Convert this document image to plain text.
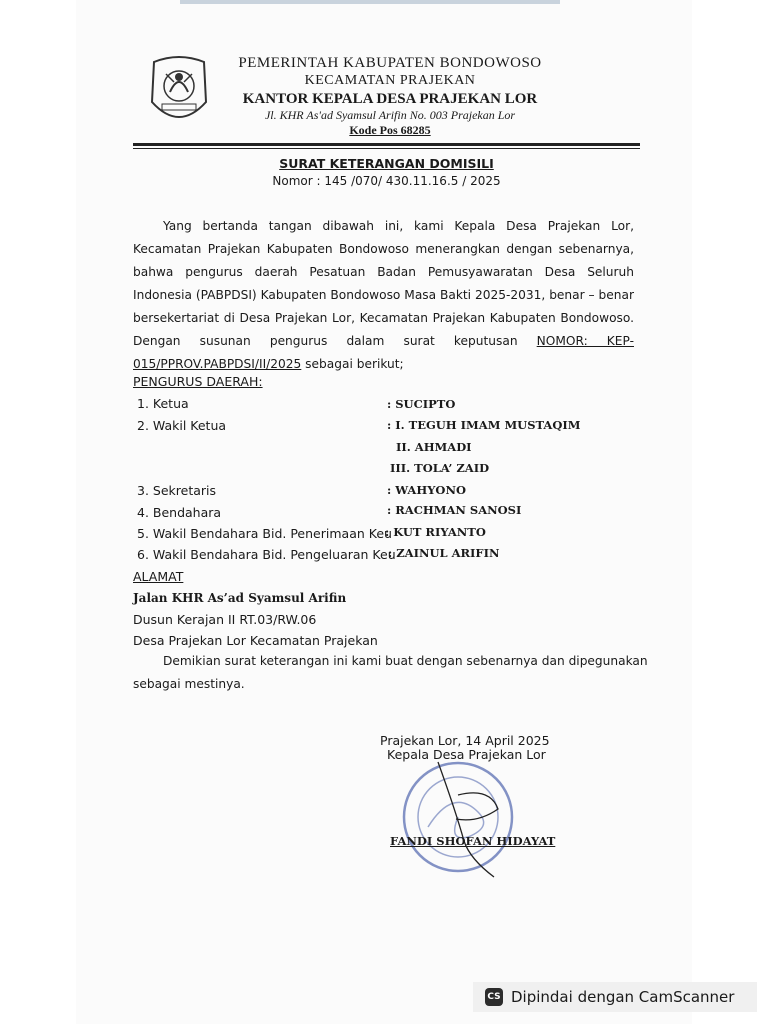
PEMERINTAH KABUPATEN BONDOWOSO
KECAMATAN PRAJEKAN
KANTOR KEPALA DESA PRAJEKAN LOR
Jl. KHR As'ad Syamsul Arifin No. 003 Prajekan Lor
Kode Pos 68285
SURAT KETERANGAN DOMISILI
Nomor : 145 /070/ 430.11.16.5 / 2025

Yang bertanda tangan dibawah ini, kami Kepala Desa Prajekan Lor, Kecamatan Prajekan Kabupaten Bondowoso menerangkan dengan sebenarnya, bahwa pengurus daerah Pesatuan Badan Pemusyawaratan Desa Seluruh Indonesia (PABPDSI) Kabupaten Bondowoso Masa Bakti 2025-2031, benar – benar bersekertariat di Desa Prajekan Lor, Kecamatan Prajekan Kabupaten Bondowoso. Dengan susunan pengurus dalam surat keputusan NOMOR: KEP-015/PPROV.PABPDSI/II/2025 sebagai berikut;

PENGURUS DAERAH:
1. Ketua	: SUCIPTO
2. Wakil Ketua	: I. TEGUH IMAM MUSTAQIM
II. AHMADI
III. TOLA’ ZAID
3. Sekretaris	: WAHYONO
4. Bendahara	: RACHMAN SANOSI
5. Wakil Bendahara Bid. Penerimaan Keu
: KUT RIYANTO
6. Wakil Bendahara Bid. Pengeluaran Keu
: ZAINUL ARIFIN
ALAMAT
Jalan KHR As’ad Syamsul Arifin
Dusun Kerajan II RT.03/RW.06
Desa Prajekan Lor Kecamatan Prajekan
Demikian surat keterangan ini kami buat dengan sebenarnya dan dipegunakan
sebagai mestinya.
Prajekan Lor, 14 April 2025
Kepala Desa Prajekan Lor
FANDI SHOFAN HIDAYAT
CS Dipindai dengan CamScanner
